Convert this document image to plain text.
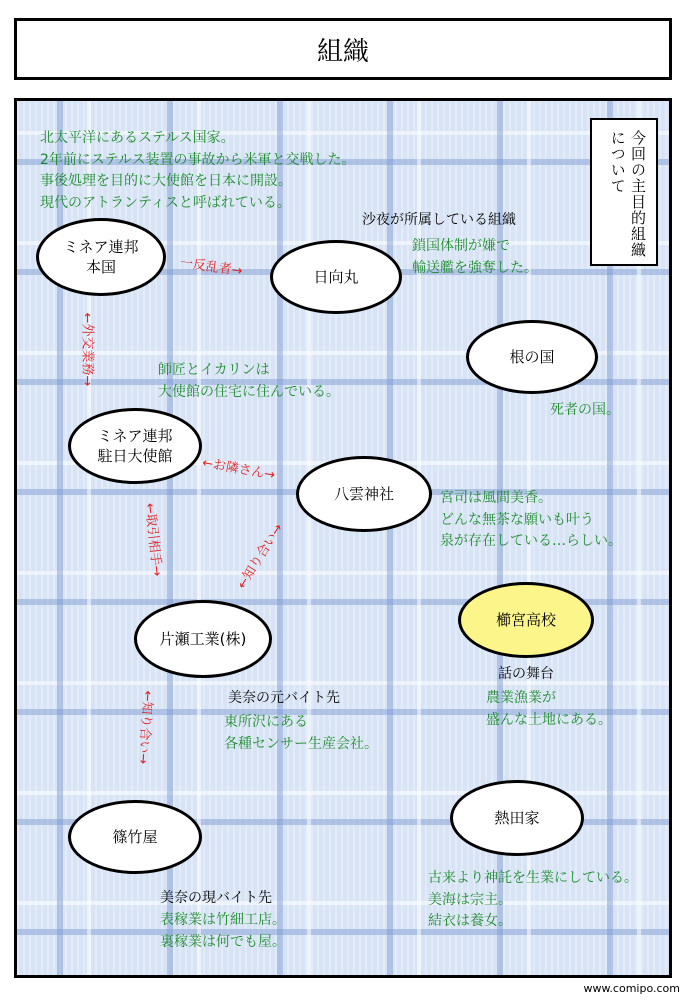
組織
今回の主目的組織について
北太平洋にあるステルス国家。
2年前にステルス装置の事故から米軍と交戦した。
事後処理を目的に大使館を日本に開設。
現代のアトランティスと呼ばれている。
沙夜が所属している組織
鎖国体制が嫌で
輸送艦を強奪した。
師匠とイカリンは
大使館の住宅に住んでいる。
死者の国。
宮司は風間美香。
どんな無茶な願いも叶う
泉が存在している…らしい。
話の舞台
農業漁業が
盛んな土地にある。
美奈の元バイト先
東所沢にある
各種センサー生産会社。
古来より神託を生業にしている。
美海は宗主。
結衣は養女。
美奈の現バイト先
表稼業は竹細工店。
裏稼業は何でも屋。
ミネア連邦
本国
日向丸
根の国
ミネア連邦
駐日大使館
八雲神社
櫛宮高校
片瀬工業(株)
熱田家
篠竹屋
一反乱者→
←外交業務→
←お隣さん→
←取引相手→	←知り合い→
←知り合い→
www.comipo.com
